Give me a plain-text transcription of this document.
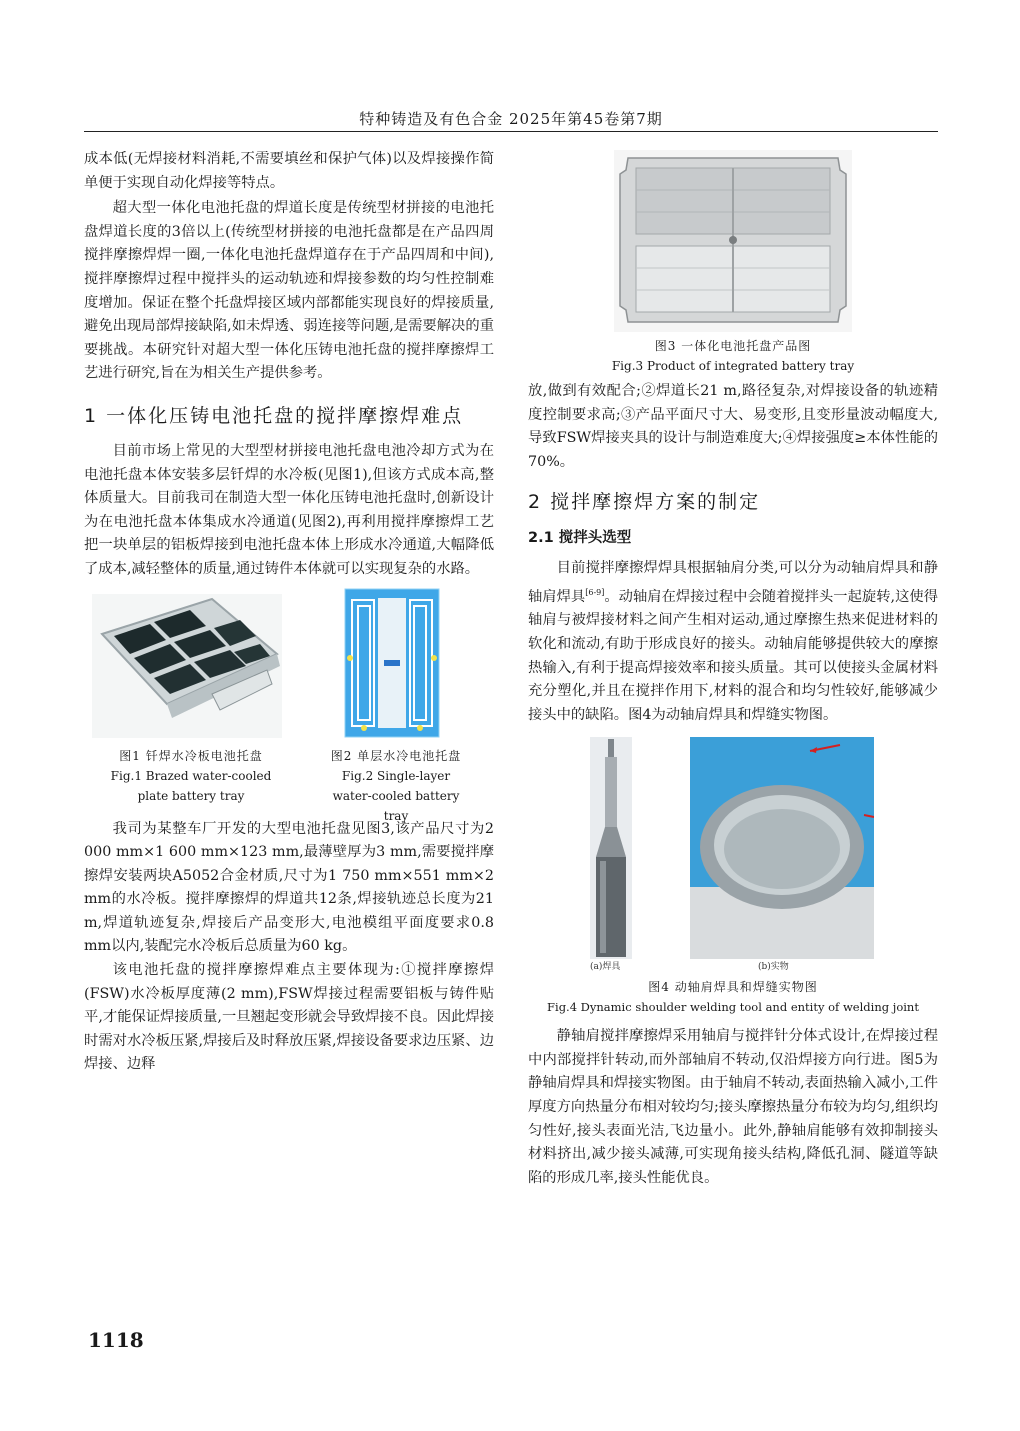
特种铸造及有色合金 2025年第45卷第7期

成本低(无焊接材料消耗,不需要填丝和保护气体)以及焊接操作简单便于实现自动化焊接等特点。

超大型一体化电池托盘的焊道长度是传统型材拼接的电池托盘焊道长度的3倍以上(传统型材拼接的电池托盘都是在产品四周搅拌摩擦焊焊一圈,一体化电池托盘焊道存在于产品四周和中间),搅拌摩擦焊过程中搅拌头的运动轨迹和焊接参数的均匀性控制难度增加。保证在整个托盘焊接区域内部都能实现良好的焊接质量,避免出现局部焊接缺陷,如未焊透、弱连接等问题,是需要解决的重要挑战。本研究针对超大型一体化压铸电池托盘的搅拌摩擦焊工艺进行研究,旨在为相关生产提供参考。

1 一体化压铸电池托盘的搅拌摩擦焊难点

目前市场上常见的大型型材拼接电池托盘电池冷却方式为在电池托盘本体安装多层钎焊的水冷板(见图1),但该方式成本高,整体质量大。目前我司在制造大型一体化压铸电池托盘时,创新设计为在电池托盘本体集成水冷通道(见图2),再利用搅拌摩擦焊工艺把一块单层的铝板焊接到电池托盘本体上形成水冷通道,大幅降低了成本,减轻整体的质量,通过铸件本体就可以实现复杂的水路。

图1 钎焊水冷板电池托盘
Fig.1 Brazed water-cooled plate battery tray
图2 单层水冷电池托盘
Fig.2 Single-layer water-cooled battery tray

我司为某整车厂开发的大型电池托盘见图3,该产品尺寸为2 000 mm×1 600 mm×123 mm,最薄壁厚为3 mm,需要搅拌摩擦焊安装两块A5052合金材质,尺寸为1 750 mm×551 mm×2 mm的水冷板。搅拌摩擦焊的焊道共12条,焊接轨迹总长度为21 m,焊道轨迹复杂,焊接后产品变形大,电池模组平面度要求0.8 mm以内,装配完水冷板后总质量为60 kg。

该电池托盘的搅拌摩擦焊难点主要体现为:①搅拌摩擦焊(FSW)水冷板厚度薄(2 mm),FSW焊接过程需要铝板与铸件贴平,才能保证焊接质量,一旦翘起变形就会导致焊接不良。因此焊接时需对水冷板压紧,焊接后及时释放压紧,焊接设备要求边压紧、边焊接、边释

图3 一体化电池托盘产品图
Fig.3 Product of integrated battery tray

放,做到有效配合;②焊道长21 m,路径复杂,对焊接设备的轨迹精度控制要求高;③产品平面尺寸大、易变形,且变形量波动幅度大,导致FSW焊接夹具的设计与制造难度大;④焊接强度≥本体性能的70%。

2 搅拌摩擦焊方案的制定
2.1 搅拌头选型

目前搅拌摩擦焊焊具根据轴肩分类,可以分为动轴肩焊具和静轴肩焊具[6-9]。动轴肩在焊接过程中会随着搅拌头一起旋转,这使得轴肩与被焊接材料之间产生相对运动,通过摩擦生热来促进材料的软化和流动,有助于形成良好的接头。动轴肩能够提供较大的摩擦热输入,有利于提高焊接效率和接头质量。其可以使接头金属材料充分塑化,并且在搅拌作用下,材料的混合和均匀性较好,能够减少接头中的缺陷。图4为动轴肩焊具和焊缝实物图。

(a)焊具	(b)实物
图4 动轴肩焊具和焊缝实物图
Fig.4 Dynamic shoulder welding tool and entity of welding joint

静轴肩搅拌摩擦焊采用轴肩与搅拌针分体式设计,在焊接过程中内部搅拌针转动,而外部轴肩不转动,仅沿焊接方向行进。图5为静轴肩焊具和焊接实物图。由于轴肩不转动,表面热输入减小,工件厚度方向热量分布相对较均匀;接头摩擦热量分布较为均匀,组织均匀性好,接头表面光洁,飞边量小。此外,静轴肩能够有效抑制接头材料挤出,减少接头减薄,可实现角接头结构,降低孔洞、隧道等缺陷的形成几率,接头性能优良。

1118
